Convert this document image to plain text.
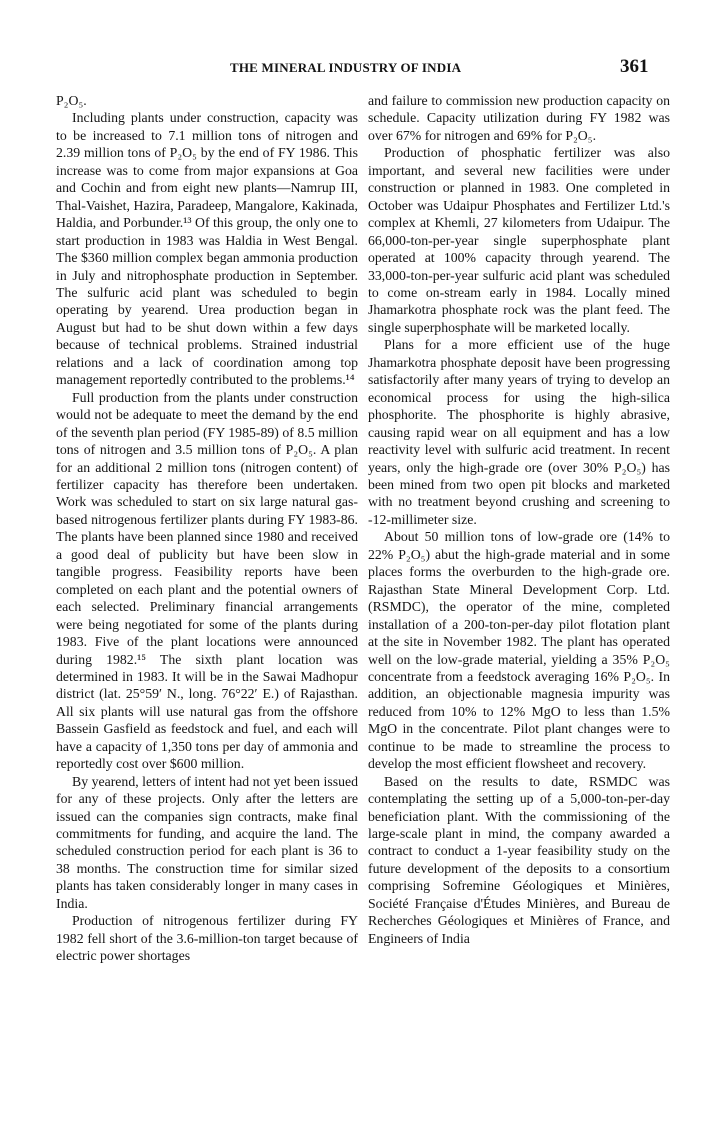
THE MINERAL INDUSTRY OF INDIA	361

P₂O₅.

Including plants under construction, capacity was to be increased to 7.1 million tons of nitrogen and 2.39 million tons of P₂O₅ by the end of FY 1986. This increase was to come from major expansions at Goa and Cochin and from eight new plants—Namrup III, Thal-Vaishet, Hazira, Paradeep, Mangalore, Kakinada, Haldia, and Porbunder.¹³ Of this group, the only one to start production in 1983 was Haldia in West Bengal. The $360 million complex began ammonia production in July and nitrophosphate production in September. The sulfuric acid plant was scheduled to begin operating by yearend. Urea production began in August but had to be shut down within a few days because of technical problems. Strained industrial relations and a lack of coordination among top management reportedly contributed to the problems.¹⁴

Full production from the plants under construction would not be adequate to meet the demand by the end of the seventh plan period (FY 1985-89) of 8.5 million tons of nitrogen and 3.5 million tons of P₂O₅. A plan for an additional 2 million tons (nitrogen content) of fertilizer capacity has therefore been undertaken. Work was scheduled to start on six large natural gas-based nitrogenous fertilizer plants during FY 1983-86. The plants have been planned since 1980 and received a good deal of publicity but have been slow in tangible progress. Feasibility reports have been completed on each plant and the potential owners of each selected. Preliminary financial arrangements were being negotiated for some of the plants during 1983. Five of the plant locations were announced during 1982.¹⁵ The sixth plant location was determined in 1983. It will be in the Sawai Madhopur district (lat. 25°59′ N., long. 76°22′ E.) of Rajasthan. All six plants will use natural gas from the offshore Bassein Gasfield as feedstock and fuel, and each will have a capacity of 1,350 tons per day of ammonia and reportedly cost over $600 million.

By yearend, letters of intent had not yet been issued for any of these projects. Only after the letters are issued can the companies sign contracts, make final commitments for funding, and acquire the land. The scheduled construction period for each plant is 36 to 38 months. The construction time for similar sized plants has taken considerably longer in many cases in India.

Production of nitrogenous fertilizer during FY 1982 fell short of the 3.6-million-ton target because of electric power shortages

and failure to commission new production capacity on schedule. Capacity utilization during FY 1982 was over 67% for nitrogen and 69% for P₂O₅.

Production of phosphatic fertilizer was also important, and several new facilities were under construction or planned in 1983. One completed in October was Udaipur Phosphates and Fertilizer Ltd.'s complex at Khemli, 27 kilometers from Udaipur. The 66,000-ton-per-year single superphosphate plant operated at 100% capacity through yearend. The 33,000-ton-per-year sulfuric acid plant was scheduled to come on-stream early in 1984. Locally mined Jhamarkotra phosphate rock was the plant feed. The single superphosphate will be marketed locally.

Plans for a more efficient use of the huge Jhamarkotra phosphate deposit have been progressing satisfactorily after many years of trying to develop an economical process for using the high-silica phosphorite. The phosphorite is highly abrasive, causing rapid wear on all equipment and has a low reactivity level with sulfuric acid treatment. In recent years, only the high-grade ore (over 30% P₂O₅) has been mined from two open pit blocks and marketed with no treatment beyond crushing and screening to -12-millimeter size.

About 50 million tons of low-grade ore (14% to 22% P₂O₅) abut the high-grade material and in some places forms the overburden to the high-grade ore. Rajasthan State Mineral Development Corp. Ltd. (RSMDC), the operator of the mine, completed installation of a 200-ton-per-day pilot flotation plant at the site in November 1982. The plant has operated well on the low-grade material, yielding a 35% P₂O₅ concentrate from a feedstock averaging 16% P₂O₅. In addition, an objectionable magnesia impurity was reduced from 10% to 12% MgO to less than 1.5% MgO in the concentrate. Pilot plant changes were to continue to be made to streamline the process to develop the most efficient flowsheet and recovery.

Based on the results to date, RSMDC was contemplating the setting up of a 5,000-ton-per-day beneficiation plant. With the commissioning of the large-scale plant in mind, the company awarded a contract to conduct a 1-year feasibility study on the future development of the deposits to a consortium comprising Sofremine Géologiques et Minières, Société Française d'Études Minières, and Bureau de Recherches Géologiques et Minières of France, and Engineers of India
